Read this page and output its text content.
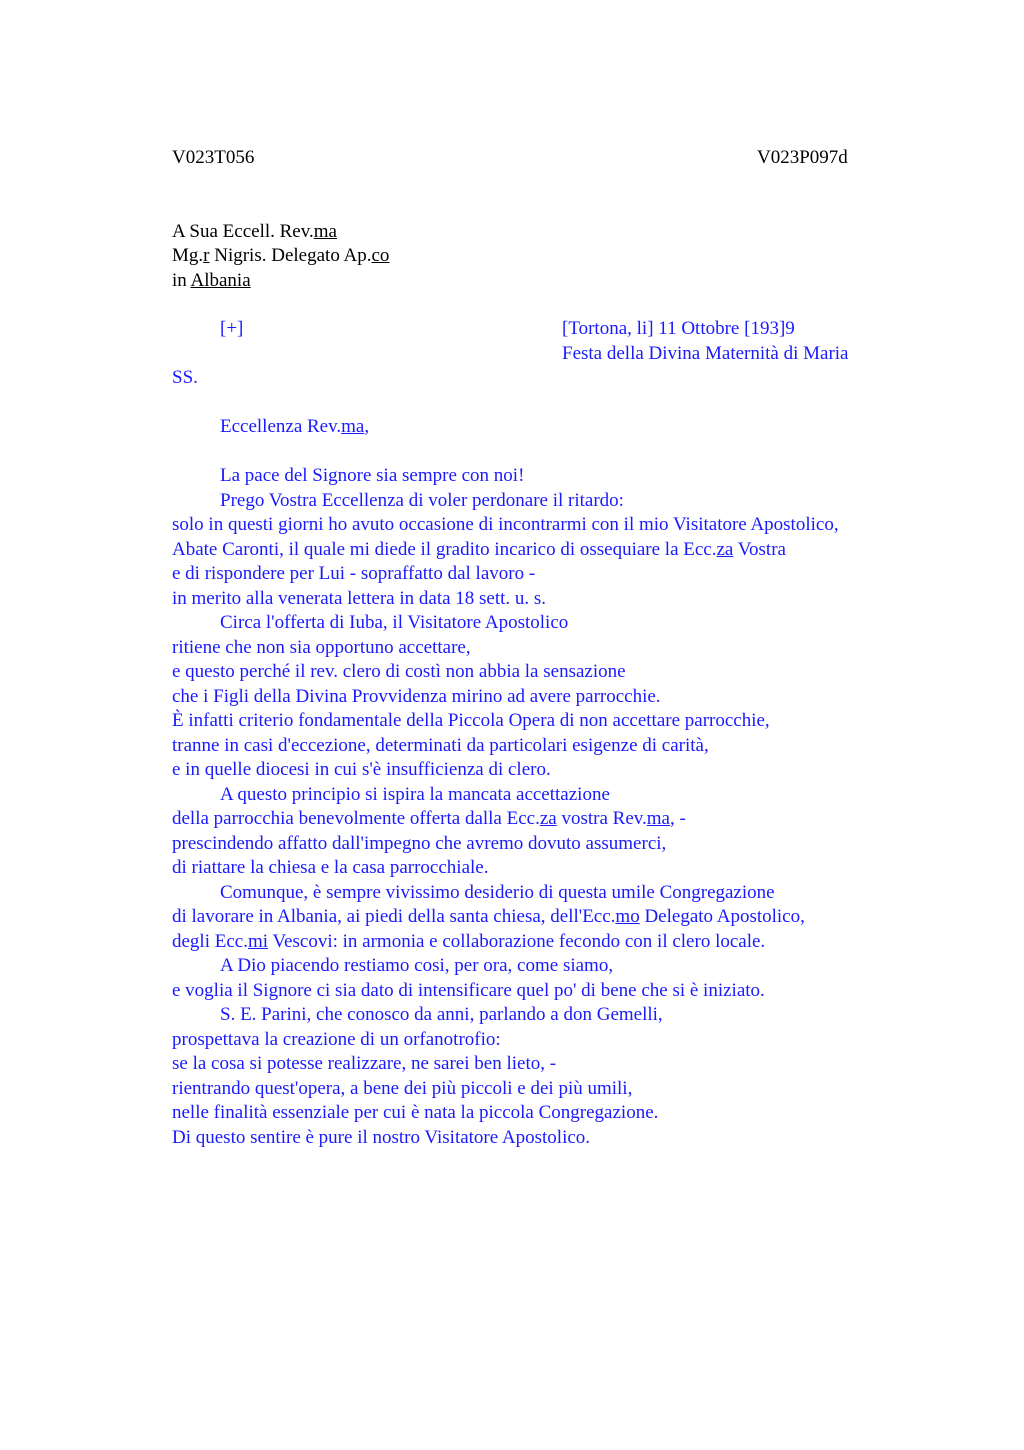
V023T056	V023P097d
A Sua Eccell. Rev.ma
Mg.r Nigris. Delegato Ap.co
in Albania
[+]	[Tortona, li] 11 Ottobre [193]9
Festa della Divina Maternità di Maria
SS.
Eccellenza Rev.ma,
La pace del Signore sia sempre con noi!
Prego Vostra Eccellenza di voler perdonare il ritardo:
solo in questi giorni ho avuto occasione di incontrarmi con il mio Visitatore Apostolico,
Abate Caronti, il quale mi diede il gradito incarico di ossequiare la Ecc.za Vostra
e di rispondere per Lui - sopraffatto dal lavoro -
in merito alla venerata lettera in data 18 sett. u. s.
Circa l'offerta di Iuba, il Visitatore Apostolico
ritiene che non sia opportuno accettare,
e questo perché il rev. clero di costì non abbia la sensazione
che i Figli della Divina Provvidenza mirino ad avere parrocchie.
È infatti criterio fondamentale della Piccola Opera di non accettare parrocchie,
tranne in casi d'eccezione, determinati da particolari esigenze di carità,
e in quelle diocesi in cui s'è insufficienza di clero.
A questo principio si ispira la mancata accettazione
della parrocchia benevolmente offerta dalla Ecc.za vostra Rev.ma, -
prescindendo affatto dall'impegno che avremo dovuto assumerci,
di riattare la chiesa e la casa parrocchiale.
Comunque, è sempre vivissimo desiderio di questa umile Congregazione
di lavorare in Albania, ai piedi della santa chiesa, dell'Ecc.mo Delegato Apostolico,
degli Ecc.mi Vescovi: in armonia e collaborazione fecondo con il clero locale.
A Dio piacendo restiamo cosi, per ora, come siamo,
e voglia il Signore ci sia dato di intensificare quel po' di bene che si è iniziato.
S. E. Parini, che conosco da anni, parlando a don Gemelli,
prospettava la creazione di un orfanotrofio:
se la cosa si potesse realizzare, ne sarei ben lieto, -
rientrando quest'opera, a bene dei più piccoli e dei più umili,
nelle finalità essenziale per cui è nata la piccola Congregazione.
Di questo sentire è pure il nostro Visitatore Apostolico.
